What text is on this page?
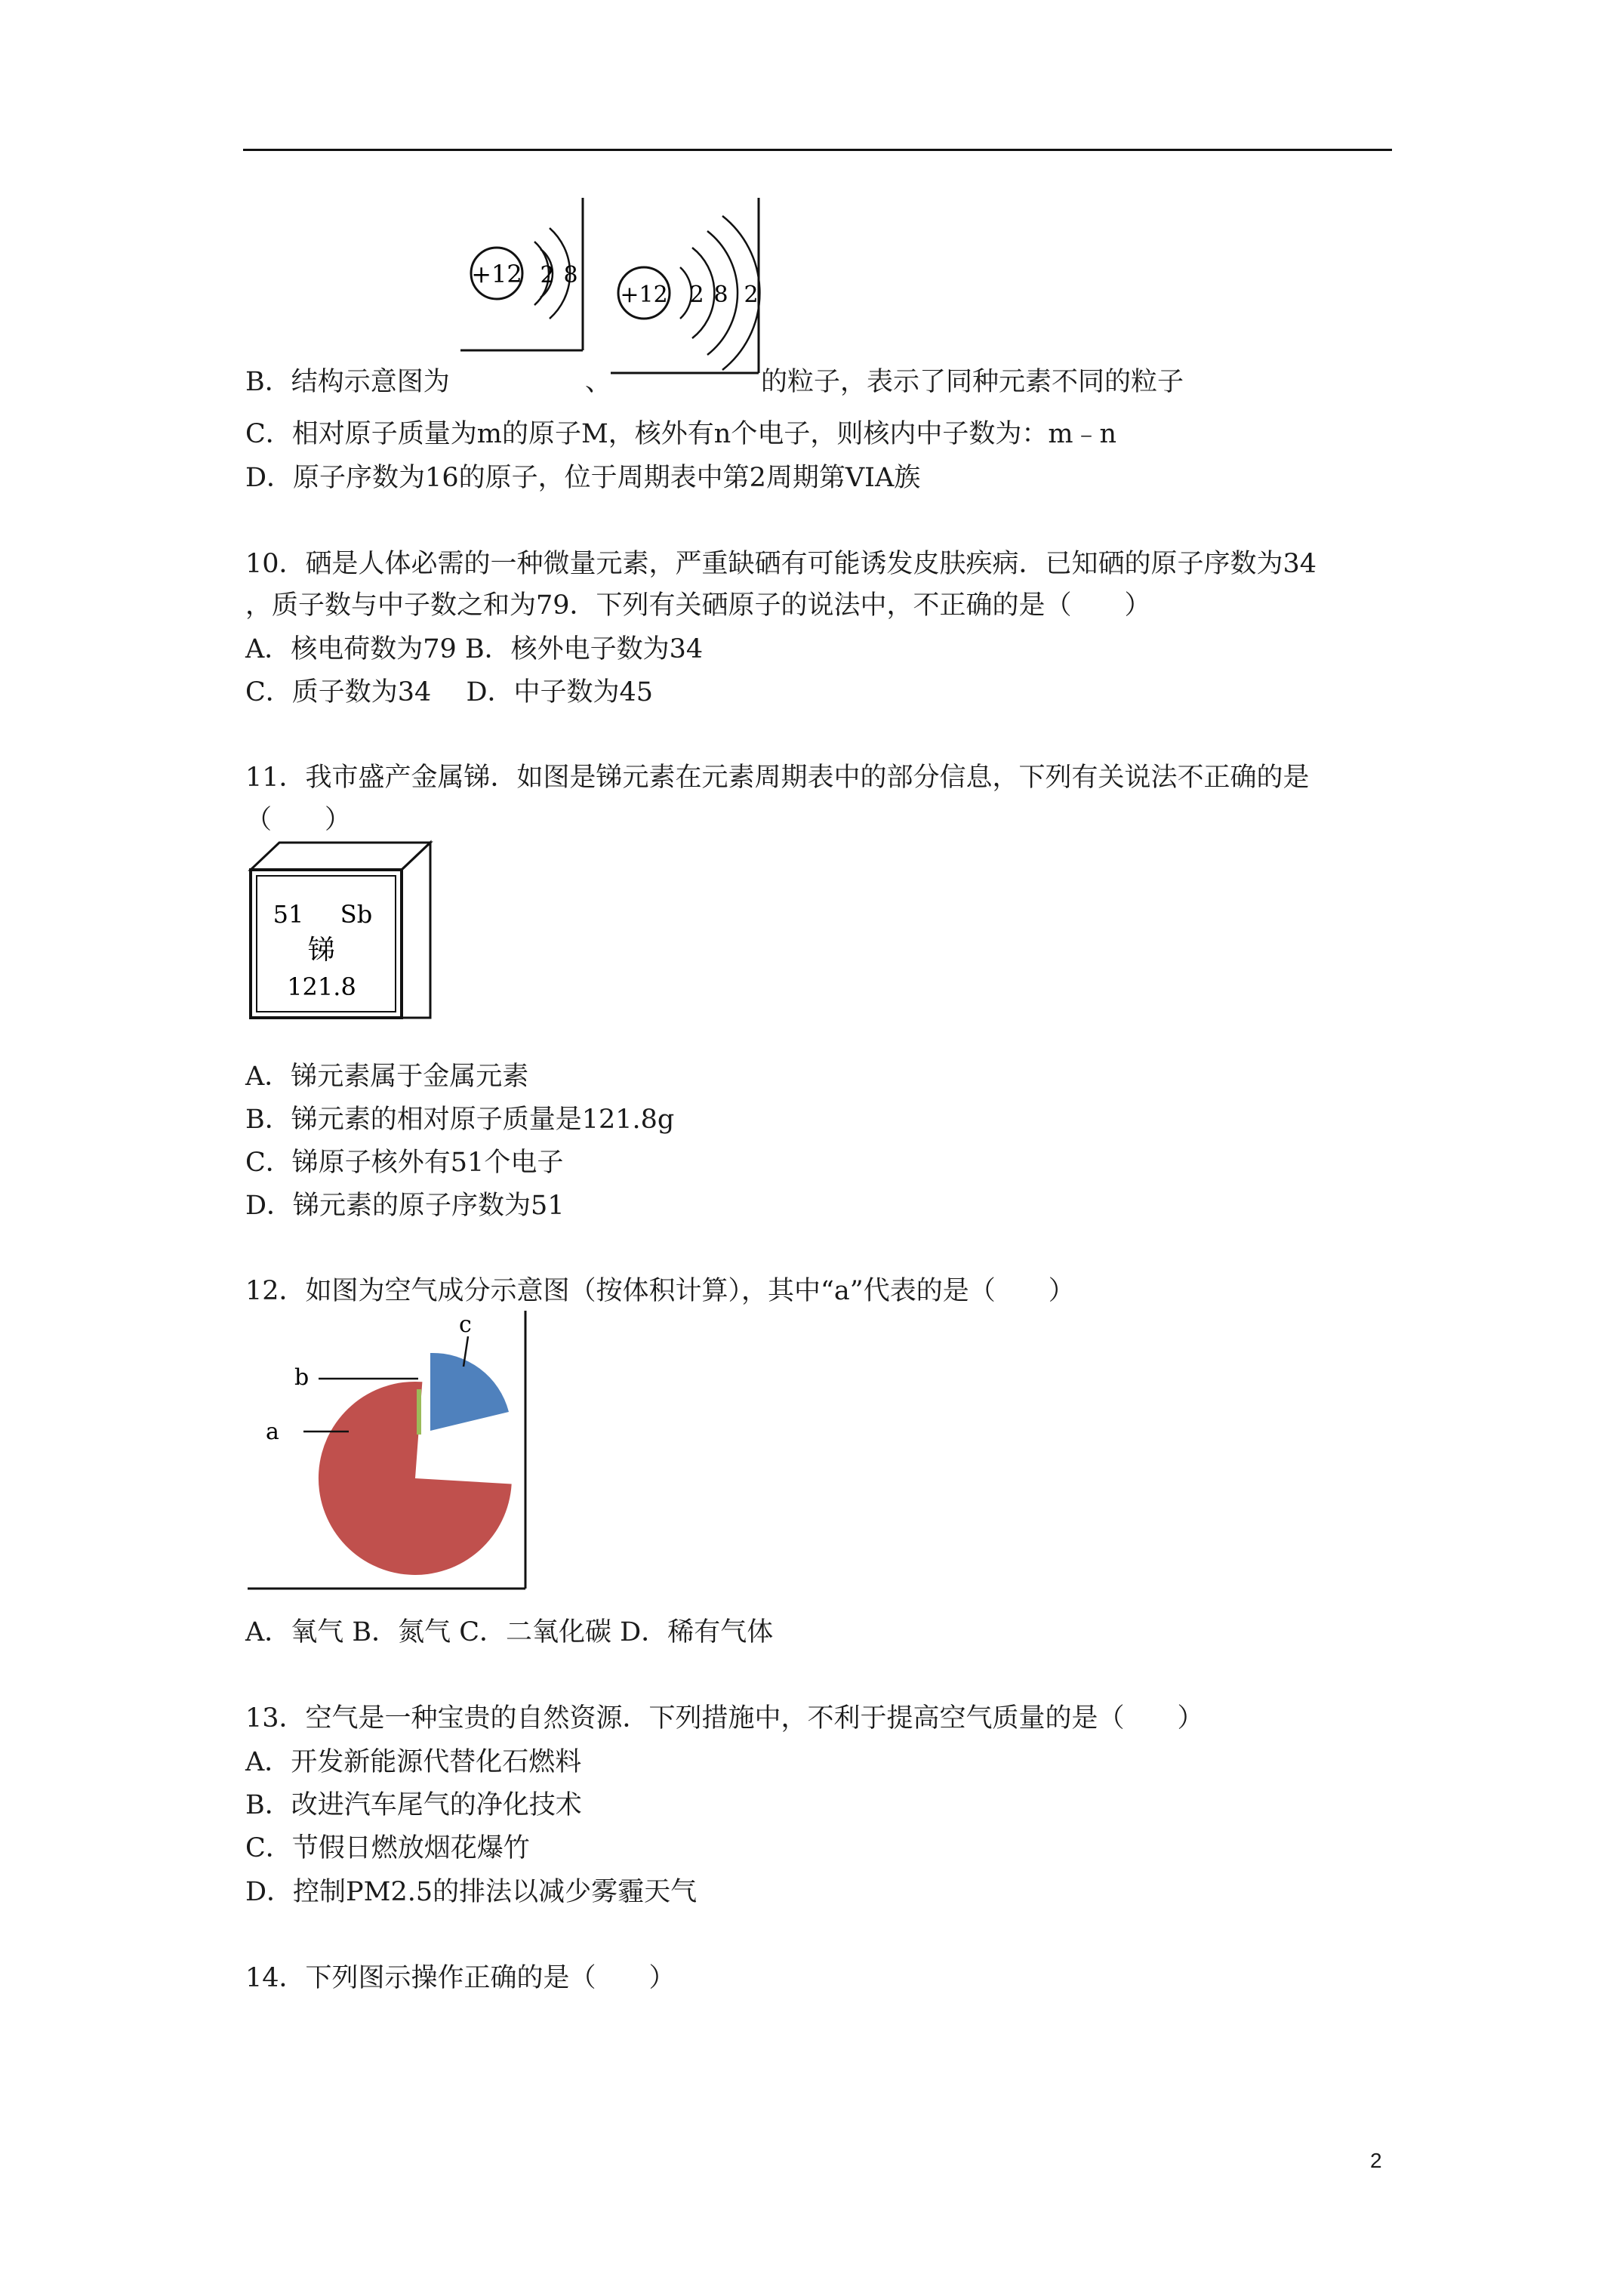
+12 2 8
+12 2 8 2
B．结构示意图为	、	的粒子，表示了同种元素不同的粒子
C．相对原子质量为m的原子M，核外有n个电子，则核内中子数为：m﹣n
D．原子序数为16的原子，位于周期表中第2周期第VIA族
10．硒是人体必需的一种微量元素，严重缺硒有可能诱发皮肤疾病．已知硒的原子序数为34
，质子数与中子数之和为79．下列有关硒原子的说法中，不正确的是（　　）
A．核电荷数为79 B．核外电子数为34
C．质子数为34　 D．中子数为45
11．我市盛产金属锑．如图是锑元素在元素周期表中的部分信息，下列有关说法不正确的是
（　　）
51 Sb
锑
121.8
A．锑元素属于金属元素
B．锑元素的相对原子质量是121.8g
C．锑原子核外有51个电子
D．锑元素的原子序数为51
12．如图为空气成分示意图（按体积计算），其中“a”代表的是（　　）
b
a
c
A．氧气 B．氮气 C．二氧化碳 D．稀有气体
13．空气是一种宝贵的自然资源．下列措施中，不利于提高空气质量的是（　　）
A．开发新能源代替化石燃料
B．改进汽车尾气的净化技术
C．节假日燃放烟花爆竹
D．控制PM2.5的排法以减少雾霾天气
14．下列图示操作正确的是（　　）
2
